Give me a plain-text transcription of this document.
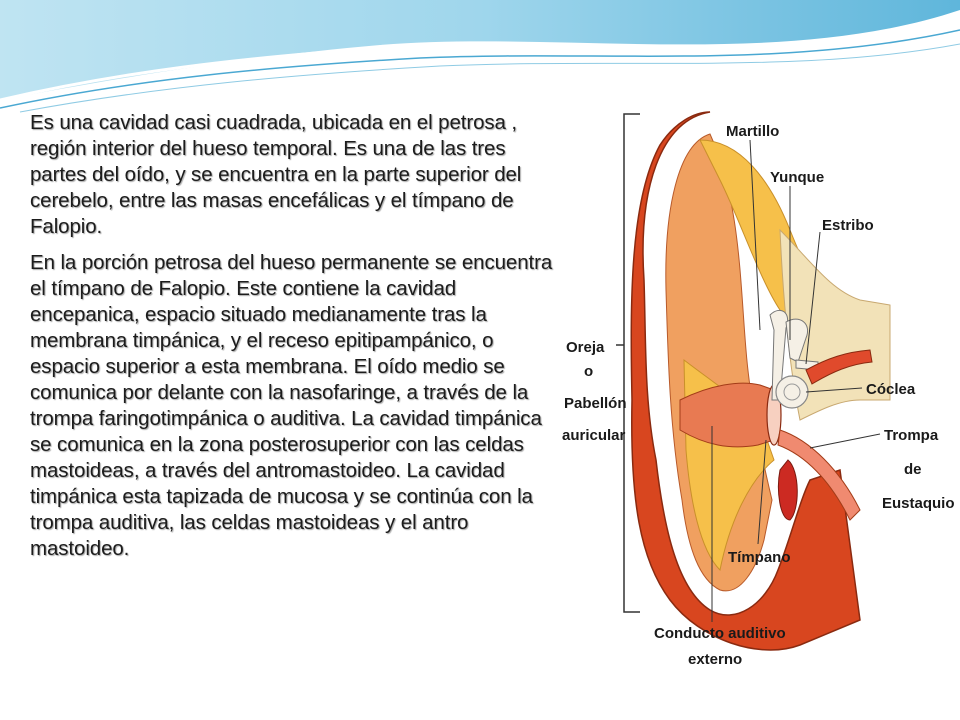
Es una cavidad casi cuadrada, ubicada en el petrosa , región interior del hueso temporal. Es una de las tres partes del oído, y se encuentra en la parte superior del cerebelo, entre las masas encefálicas y el tímpano de Falopio.

En la porción petrosa del hueso permanente se encuentra el tímpano de Falopio. Este contiene la cavidad encepanica, espacio situado medianamente tras la membrana timpánica, y el receso epitipampánico, o espacio superior a esta membrana. El oído medio se comunica por delante con la nasofaringe, a través de la trompa faringotimpánica o auditiva. La cavidad timpánica se comunica en la zona posterosuperior con las celdas mastoideas, a través del antromastoideo. La cavidad timpánica esta tapizada de mucosa y se continúa con la trompa auditiva, las celdas mastoideas y el antro mastoideo.

Martillo
Yunque
Estribo
Oreja
o
Pabellón
auricular
Cóclea
Trompa
de
Eustaquio
Tímpano
Conducto auditivo
externo
